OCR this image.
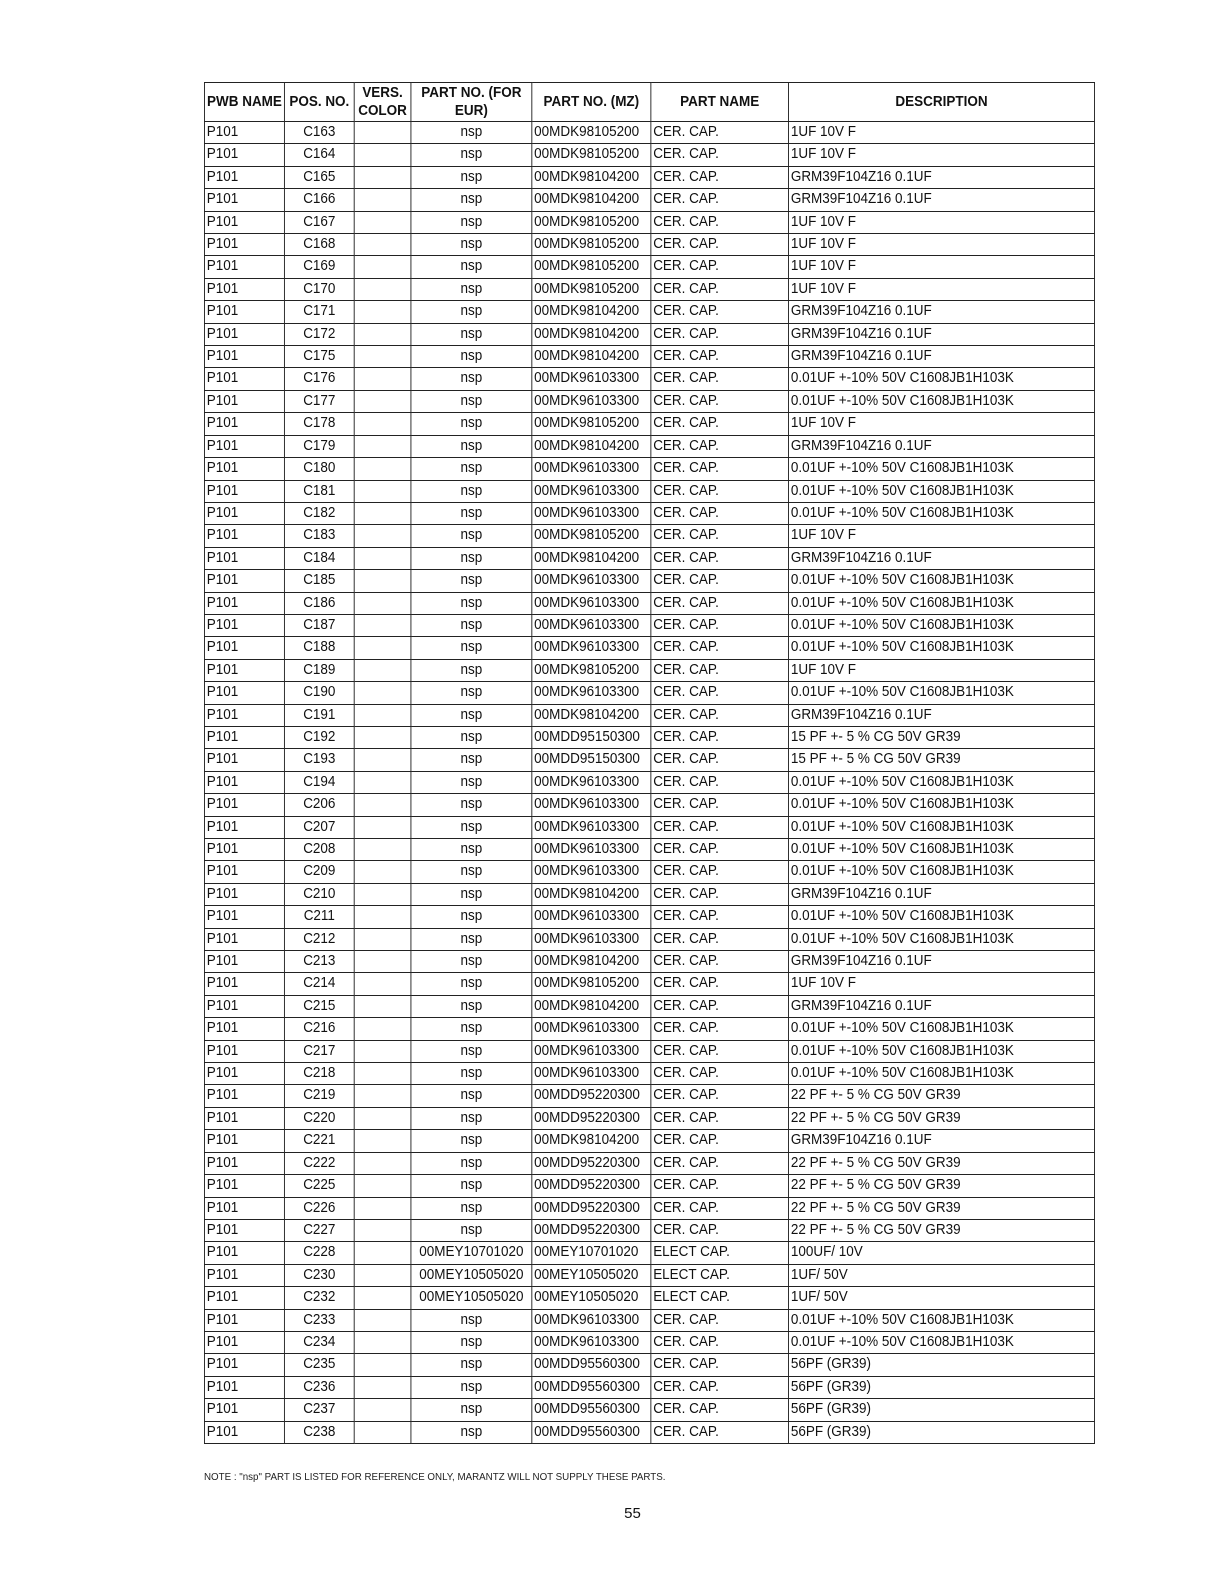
PWB NAME	POS. NO.	VERS. COLOR	PART NO. (FOR EUR)	PART NO. (MZ)	PART NAME	DESCRIPTION
P101	C163		nsp	00MDK98105200	CER. CAP.	1UF 10V F
P101	C164		nsp	00MDK98105200	CER. CAP.	1UF 10V F
P101	C165		nsp	00MDK98104200	CER. CAP.	GRM39F104Z16 0.1UF
P101	C166		nsp	00MDK98104200	CER. CAP.	GRM39F104Z16 0.1UF
P101	C167		nsp	00MDK98105200	CER. CAP.	1UF 10V F
P101	C168		nsp	00MDK98105200	CER. CAP.	1UF 10V F
P101	C169		nsp	00MDK98105200	CER. CAP.	1UF 10V F
P101	C170		nsp	00MDK98105200	CER. CAP.	1UF 10V F
P101	C171		nsp	00MDK98104200	CER. CAP.	GRM39F104Z16 0.1UF
P101	C172		nsp	00MDK98104200	CER. CAP.	GRM39F104Z16 0.1UF
P101	C175		nsp	00MDK98104200	CER. CAP.	GRM39F104Z16 0.1UF
P101	C176		nsp	00MDK96103300	CER. CAP.	0.01UF +-10% 50V C1608JB1H103K
P101	C177		nsp	00MDK96103300	CER. CAP.	0.01UF +-10% 50V C1608JB1H103K
P101	C178		nsp	00MDK98105200	CER. CAP.	1UF 10V F
P101	C179		nsp	00MDK98104200	CER. CAP.	GRM39F104Z16 0.1UF
P101	C180		nsp	00MDK96103300	CER. CAP.	0.01UF +-10% 50V C1608JB1H103K
P101	C181		nsp	00MDK96103300	CER. CAP.	0.01UF +-10% 50V C1608JB1H103K
P101	C182		nsp	00MDK96103300	CER. CAP.	0.01UF +-10% 50V C1608JB1H103K
P101	C183		nsp	00MDK98105200	CER. CAP.	1UF 10V F
P101	C184		nsp	00MDK98104200	CER. CAP.	GRM39F104Z16 0.1UF
P101	C185		nsp	00MDK96103300	CER. CAP.	0.01UF +-10% 50V C1608JB1H103K
P101	C186		nsp	00MDK96103300	CER. CAP.	0.01UF +-10% 50V C1608JB1H103K
P101	C187		nsp	00MDK96103300	CER. CAP.	0.01UF +-10% 50V C1608JB1H103K
P101	C188		nsp	00MDK96103300	CER. CAP.	0.01UF +-10% 50V C1608JB1H103K
P101	C189		nsp	00MDK98105200	CER. CAP.	1UF 10V F
P101	C190		nsp	00MDK96103300	CER. CAP.	0.01UF +-10% 50V C1608JB1H103K
P101	C191		nsp	00MDK98104200	CER. CAP.	GRM39F104Z16 0.1UF
P101	C192		nsp	00MDD95150300	CER. CAP.	15 PF +- 5 % CG 50V GR39
P101	C193		nsp	00MDD95150300	CER. CAP.	15 PF +- 5 % CG 50V GR39
P101	C194		nsp	00MDK96103300	CER. CAP.	0.01UF +-10% 50V C1608JB1H103K
P101	C206		nsp	00MDK96103300	CER. CAP.	0.01UF +-10% 50V C1608JB1H103K
P101	C207		nsp	00MDK96103300	CER. CAP.	0.01UF +-10% 50V C1608JB1H103K
P101	C208		nsp	00MDK96103300	CER. CAP.	0.01UF +-10% 50V C1608JB1H103K
P101	C209		nsp	00MDK96103300	CER. CAP.	0.01UF +-10% 50V C1608JB1H103K
P101	C210		nsp	00MDK98104200	CER. CAP.	GRM39F104Z16 0.1UF
P101	C211		nsp	00MDK96103300	CER. CAP.	0.01UF +-10% 50V C1608JB1H103K
P101	C212		nsp	00MDK96103300	CER. CAP.	0.01UF +-10% 50V C1608JB1H103K
P101	C213		nsp	00MDK98104200	CER. CAP.	GRM39F104Z16 0.1UF
P101	C214		nsp	00MDK98105200	CER. CAP.	1UF 10V F
P101	C215		nsp	00MDK98104200	CER. CAP.	GRM39F104Z16 0.1UF
P101	C216		nsp	00MDK96103300	CER. CAP.	0.01UF +-10% 50V C1608JB1H103K
P101	C217		nsp	00MDK96103300	CER. CAP.	0.01UF +-10% 50V C1608JB1H103K
P101	C218		nsp	00MDK96103300	CER. CAP.	0.01UF +-10% 50V C1608JB1H103K
P101	C219		nsp	00MDD95220300	CER. CAP.	22 PF +- 5 % CG 50V GR39
P101	C220		nsp	00MDD95220300	CER. CAP.	22 PF +- 5 % CG 50V GR39
P101	C221		nsp	00MDK98104200	CER. CAP.	GRM39F104Z16 0.1UF
P101	C222		nsp	00MDD95220300	CER. CAP.	22 PF +- 5 % CG 50V GR39
P101	C225		nsp	00MDD95220300	CER. CAP.	22 PF +- 5 % CG 50V GR39
P101	C226		nsp	00MDD95220300	CER. CAP.	22 PF +- 5 % CG 50V GR39
P101	C227		nsp	00MDD95220300	CER. CAP.	22 PF +- 5 % CG 50V GR39
P101	C228		00MEY10701020	00MEY10701020	ELECT CAP.	100UF/ 10V
P101	C230		00MEY10505020	00MEY10505020	ELECT CAP.	1UF/ 50V
P101	C232		00MEY10505020	00MEY10505020	ELECT CAP.	1UF/ 50V
P101	C233		nsp	00MDK96103300	CER. CAP.	0.01UF +-10% 50V C1608JB1H103K
P101	C234		nsp	00MDK96103300	CER. CAP.	0.01UF +-10% 50V C1608JB1H103K
P101	C235		nsp	00MDD95560300	CER. CAP.	56PF (GR39)
P101	C236		nsp	00MDD95560300	CER. CAP.	56PF (GR39)
P101	C237		nsp	00MDD95560300	CER. CAP.	56PF (GR39)
P101	C238		nsp	00MDD95560300	CER. CAP.	56PF (GR39)
NOTE : "nsp" PART IS LISTED FOR REFERENCE ONLY, MARANTZ WILL NOT SUPPLY THESE PARTS.
55
